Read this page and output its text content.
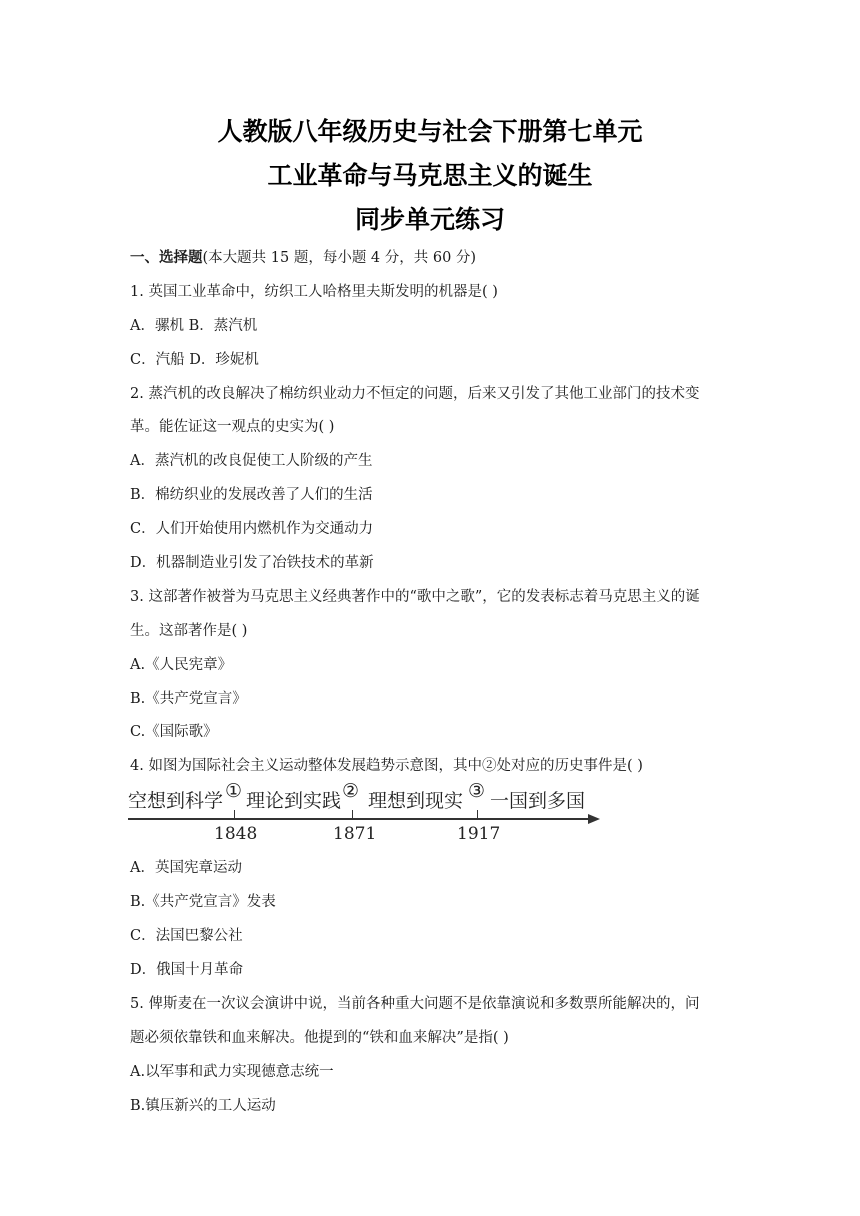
人教版八年级历史与社会下册第七单元
工业革命与马克思主义的诞生
同步单元练习
一、选择题(本大题共 15 题，每小题 4 分，共 60 分)
1. 英国工业革命中，纺织工人哈格里夫斯发明的机器是( )
A．骡机 B．蒸汽机
C．汽船 D．珍妮机
2. 蒸汽机的改良解决了棉纺织业动力不恒定的问题，后来又引发了其他工业部门的技术变
革。能佐证这一观点的史实为( )
A．蒸汽机的改良促使工人阶级的产生
B．棉纺织业的发展改善了人们的生活
C．人们开始使用内燃机作为交通动力
D．机器制造业引发了冶铁技术的革新
3. 这部著作被誉为马克思主义经典著作中的“歌中之歌”，它的发表标志着马克思主义的诞
生。这部著作是( )
A.《人民宪章》
B.《共产党宣言》
C.《国际歌》
4. 如图为国际社会主义运动整体发展趋势示意图，其中②处对应的历史事件是( )
空想到科学 ① 理论到实践 ② 理想到现实 ③ 一国到多国
1848	1871	1917
A．英国宪章运动
B.《共产党宣言》发表
C．法国巴黎公社
D．俄国十月革命
5. 俾斯麦在一次议会演讲中说，当前各种重大问题不是依靠演说和多数票所能解决的，问
题必须依靠铁和血来解决。他提到的“铁和血来解决”是指( )
A.以军事和武力实现德意志统一
B.镇压新兴的工人运动
